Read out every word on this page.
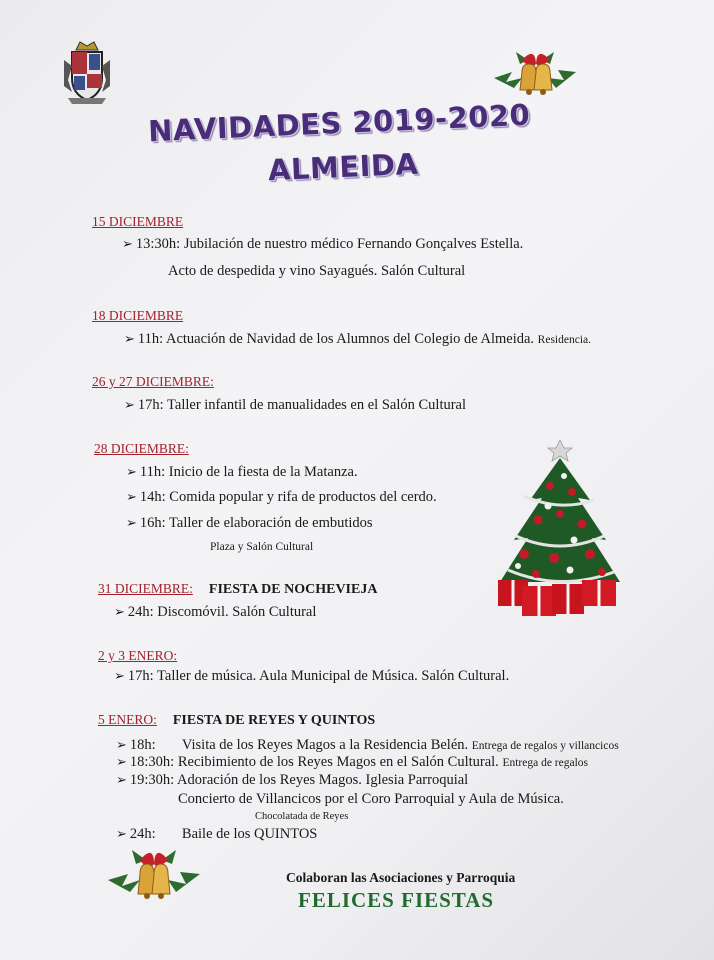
NAVIDADES 2019-2020
ALMEIDA
15 DICIEMBRE
➢ 13:30h: Jubilación de nuestro médico Fernando Gonçalves Estella.
Acto de despedida y vino Sayagués. Salón Cultural
18 DICIEMBRE
➢ 11h: Actuación de Navidad de los Alumnos del Colegio de Almeida. Residencia.
26 y 27 DICIEMBRE:
➢ 17h: Taller infantil de manualidades en el Salón Cultural
28 DICIEMBRE:
➢ 11h: Inicio de la fiesta de la Matanza.
➢ 14h: Comida popular y rifa de productos del cerdo.
➢ 16h: Taller de elaboración de embutidos
Plaza y Salón Cultural
31 DICIEMBRE: FIESTA DE NOCHEVIEJA
➢ 24h: Discomóvil. Salón Cultural
2 y 3 ENERO:
➢ 17h: Taller de música. Aula Municipal de Música. Salón Cultural.
5 ENERO: FIESTA DE REYES Y QUINTOS
➢ 18h: Visita de los Reyes Magos a la Residencia Belén. Entrega de regalos y villancicos
➢ 18:30h: Recibimiento de los Reyes Magos en el Salón Cultural. Entrega de regalos
➢ 19:30h: Adoración de los Reyes Magos. Iglesia Parroquial
Concierto de Villancicos por el Coro Parroquial y Aula de Música.
Chocolatada de Reyes
➢ 24h: Baile de los QUINTOS
Colaboran las Asociaciones y Parroquia
FELICES FIESTAS
